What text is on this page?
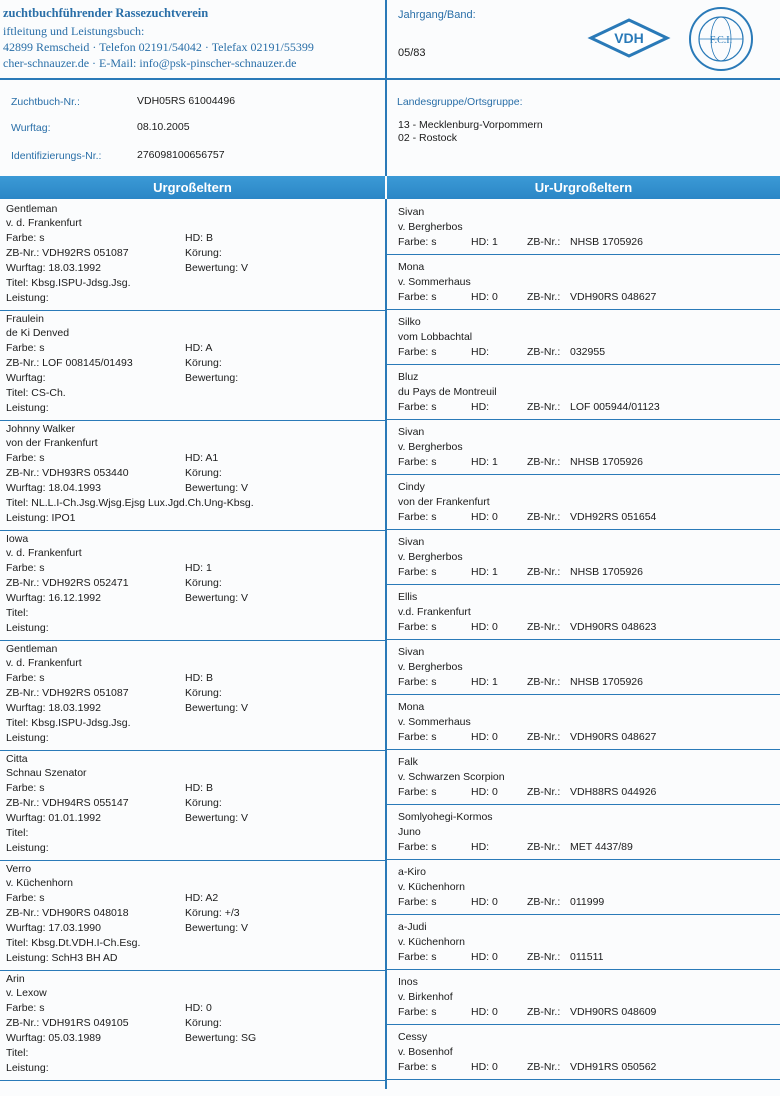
zuchtbuchführender Rassezuchtverein
iftleitung und Leistungsbuch:
42899 Remscheid · Telefon 02191/54042 · Telefax 02191/55399
cher-schnauzer.de · E-Mail: info@psk-pinscher-schnauzer.de
Jahrgang/Band:
05/83
VDH	F.C.I.
Zuchtbuch-Nr.:	VDH05RS 61004496
Wurftag:	08.10.2005
Identifizierungs-Nr.:	276098100656757
Landesgruppe/Ortsgruppe:
13 - Mecklenburg-Vorpommern
02 - Rostock
Urgroßeltern	Ur-Urgroßeltern
Gentleman
v. d. Frankenfurt
Farbe: s	HD: B
ZB-Nr.: VDH92RS 051087	Körung:
Wurftag: 18.03.1992	Bewertung: V
Titel: Kbsg.ISPU-Jdsg.Jsg.
Leistung:
Fraulein
de Ki Denved
Farbe: s	HD: A
ZB-Nr.: LOF 008145/01493	Körung:
Wurftag:	Bewertung:
Titel: CS-Ch.
Leistung:
Johnny Walker
von der Frankenfurt
Farbe: s	HD: A1
ZB-Nr.: VDH93RS 053440	Körung:
Wurftag: 18.04.1993	Bewertung: V
Titel: NL.L.I-Ch.Jsg.Wjsg.Ejsg Lux.Jgd.Ch.Ung-Kbsg.
Leistung: IPO1
Iowa
v. d. Frankenfurt
Farbe: s	HD: 1
ZB-Nr.: VDH92RS 052471	Körung:
Wurftag: 16.12.1992	Bewertung: V
Titel:
Leistung:
Gentleman
v. d. Frankenfurt
Farbe: s	HD: B
ZB-Nr.: VDH92RS 051087	Körung:
Wurftag: 18.03.1992	Bewertung: V
Titel: Kbsg.ISPU-Jdsg.Jsg.
Leistung:
Citta
Schnau Szenator
Farbe: s	HD: B
ZB-Nr.: VDH94RS 055147	Körung:
Wurftag: 01.01.1992	Bewertung: V
Titel:
Leistung:
Verro
v. Küchenhorn
Farbe: s	HD: A2
ZB-Nr.: VDH90RS 048018	Körung: +/3
Wurftag: 17.03.1990	Bewertung: V
Titel: Kbsg.Dt.VDH.I-Ch.Esg.
Leistung: SchH3 BH AD
Arin
v. Lexow
Farbe: s	HD: 0
ZB-Nr.: VDH91RS 049105	Körung:
Wurftag: 05.03.1989	Bewertung: SG
Titel:
Leistung:
Sivan
v. Bergherbos
Farbe: s	HD: 1	ZB-Nr.: NHSB 1705926
Mona
v. Sommerhaus
Farbe: s	HD: 0	ZB-Nr.: VDH90RS 048627
Silko
vom Lobbachtal
Farbe: s	HD:	ZB-Nr.: 032955
Bluz
du Pays de Montreuil
Farbe: s	HD:	ZB-Nr.: LOF 005944/01123
Sivan
v. Bergherbos
Farbe: s	HD: 1	ZB-Nr.: NHSB 1705926
Cindy
von der Frankenfurt
Farbe: s	HD: 0	ZB-Nr.: VDH92RS 051654
Sivan
v. Bergherbos
Farbe: s	HD: 1	ZB-Nr.: NHSB 1705926
Ellis
v.d. Frankenfurt
Farbe: s	HD: 0	ZB-Nr.: VDH90RS 048623
Sivan
v. Bergherbos
Farbe: s	HD: 1	ZB-Nr.: NHSB 1705926
Mona
v. Sommerhaus
Farbe: s	HD: 0	ZB-Nr.: VDH90RS 048627
Falk
v. Schwarzen Scorpion
Farbe: s	HD: 0	ZB-Nr.: VDH88RS 044926
Somlyohegi-Kormos
Juno
Farbe: s	HD:	ZB-Nr.: MET 4437/89
a-Kiro
v. Küchenhorn
Farbe: s	HD: 0	ZB-Nr.: 011999
a-Judi
v. Küchenhorn
Farbe: s	HD: 0	ZB-Nr.: 011511
Inos
v. Birkenhof
Farbe: s	HD: 0	ZB-Nr.: VDH90RS 048609
Cessy
v. Bosenhof
Farbe: s	HD: 0	ZB-Nr.: VDH91RS 050562
